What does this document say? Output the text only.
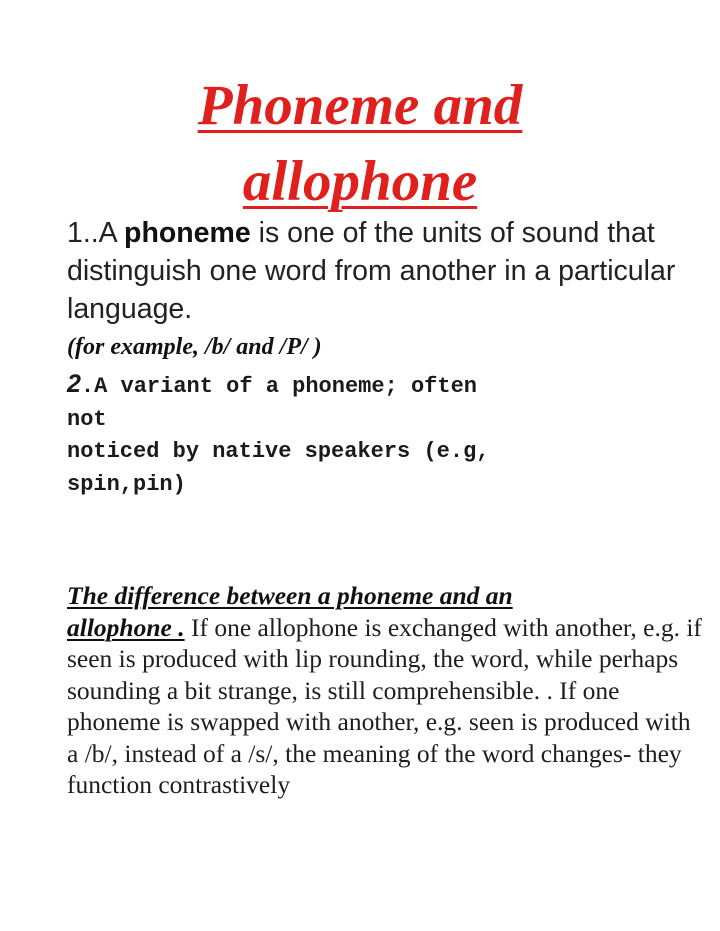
Phoneme and
allophone

1..A phoneme is one of the units of sound that distinguish one word from another in a particular language.

(for example, /b/ and /P/ )

2.A variant of a phoneme; often
not
noticed by native speakers (e.g,
spin,pin)

The difference between a phoneme and an
allophone . If one allophone is exchanged with another, e.g. if seen is produced with lip rounding, the word, while perhaps sounding a bit strange, is still comprehensible. . If one phoneme is swapped with another, e.g. seen is produced with a /b/, instead of a /s/, the meaning of the word changes- they function contrastively
